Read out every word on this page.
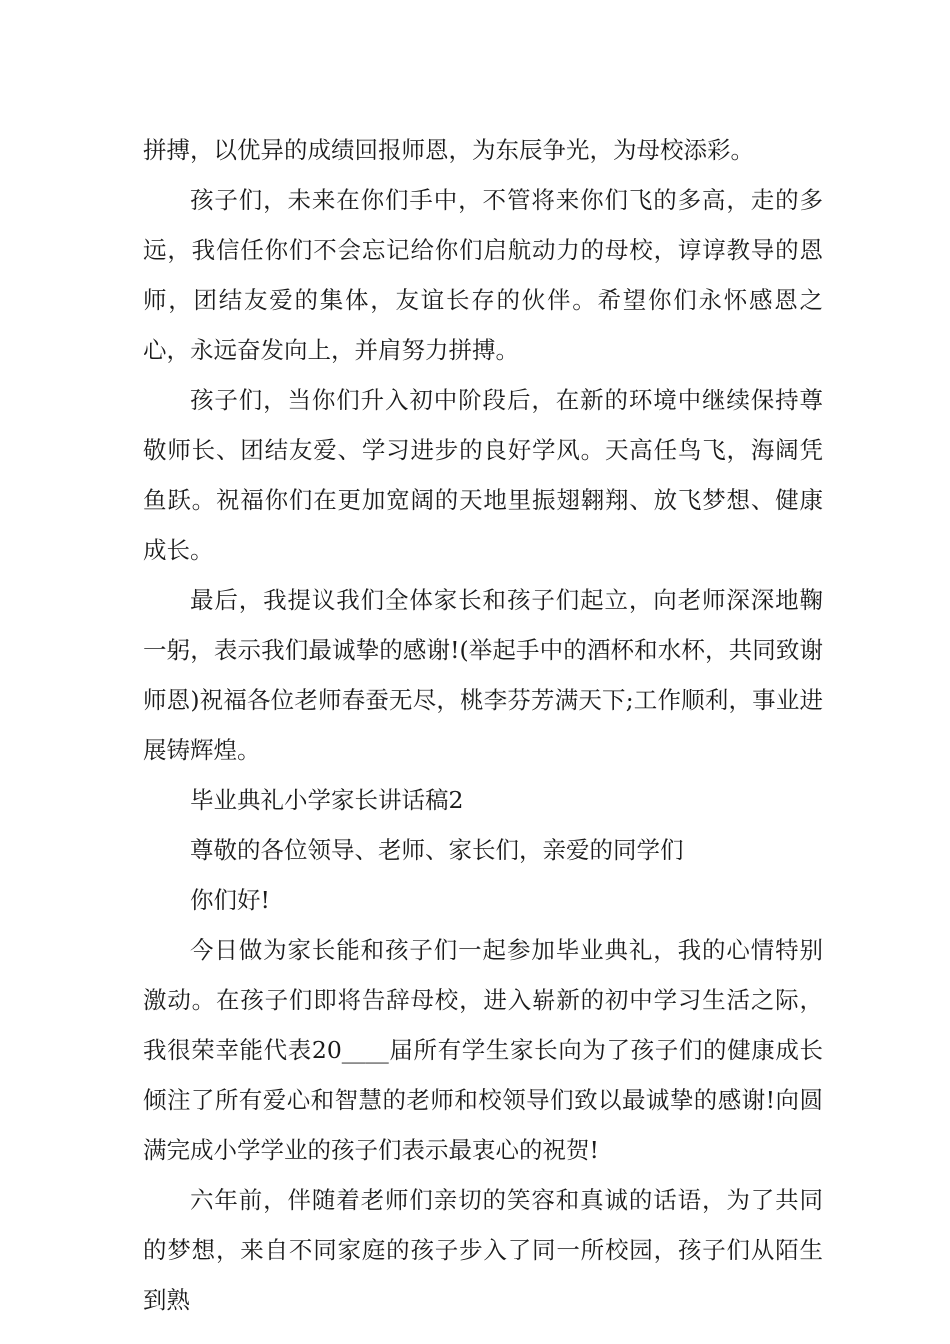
拼搏，以优异的成绩回报师恩，为东辰争光，为母校添彩。

孩子们，未来在你们手中，不管将来你们飞的多高，走的多远，我信任你们不会忘记给你们启航动力的母校，谆谆教导的恩师，团结友爱的集体，友谊长存的伙伴。希望你们永怀感恩之心，永远奋发向上，并肩努力拼搏。

孩子们，当你们升入初中阶段后，在新的环境中继续保持尊敬师长、团结友爱、学习进步的良好学风。天高任鸟飞，海阔凭鱼跃。祝福你们在更加宽阔的天地里振翅翱翔、放飞梦想、健康成长。

最后，我提议我们全体家长和孩子们起立，向老师深深地鞠一躬，表示我们最诚挚的感谢!(举起手中的酒杯和水杯，共同致谢师恩)祝福各位老师春蚕无尽，桃李芬芳满天下;工作顺利，事业进展铸辉煌。

毕业典礼小学家长讲话稿2

尊敬的各位领导、老师、家长们，亲爱的同学们

你们好!

今日做为家长能和孩子们一起参加毕业典礼，我的心情特别激动。在孩子们即将告辞母校，进入崭新的初中学习生活之际，我很荣幸能代表20____届所有学生家长向为了孩子们的健康成长倾注了所有爱心和智慧的老师和校领导们致以最诚挚的感谢!向圆满完成小学学业的孩子们表示最衷心的祝贺!

六年前，伴随着老师们亲切的笑容和真诚的话语，为了共同的梦想，来自不同家庭的孩子步入了同一所校园，孩子们从陌生到熟
